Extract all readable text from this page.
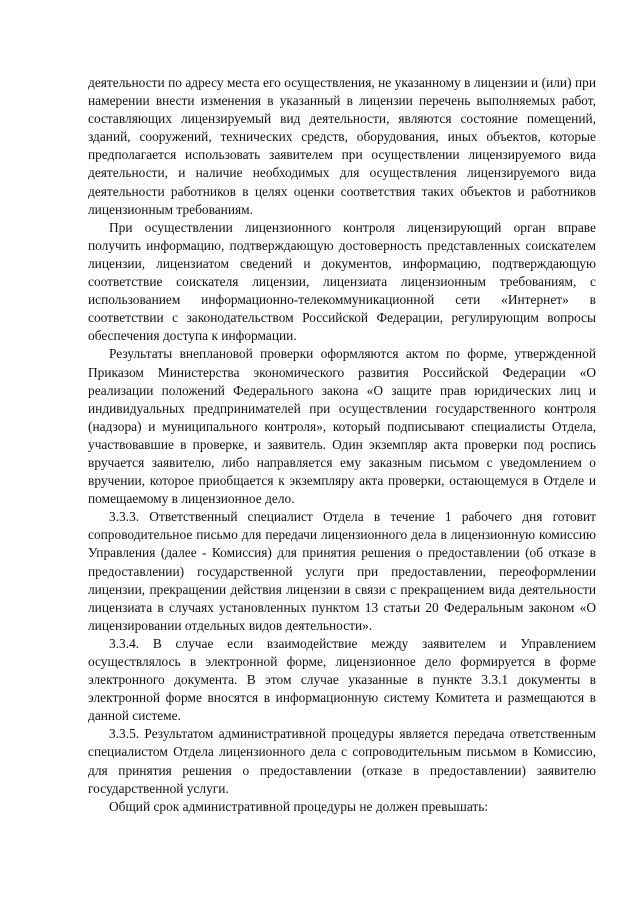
деятельности по адресу места его осуществления, не указанному в лицензии и (или) при намерении внести изменения в указанный в лицензии перечень выполняемых работ, составляющих лицензируемый вид деятельности, являются состояние помещений, зданий, сооружений, технических средств, оборудования, иных объектов, которые предполагается использовать заявителем при осуществлении лицензируемого вида деятельности, и наличие необходимых для осуществления лицензируемого вида деятельности работников в целях оценки соответствия таких объектов и работников лицензионным требованиям.

При осуществлении лицензионного контроля лицензирующий орган вправе получить информацию, подтверждающую достоверность представленных соискателем лицензии, лицензиатом сведений и документов, информацию, подтверждающую соответствие соискателя лицензии, лицензиата лицензионным требованиям, с использованием информационно-телекоммуникационной сети «Интернет» в соответствии с законодательством Российской Федерации, регулирующим вопросы обеспечения доступа к информации.

Результаты внеплановой проверки оформляются актом по форме, утвержденной Приказом Министерства экономического развития Российской Федерации «О реализации положений Федерального закона «О защите прав юридических лиц и индивидуальных предпринимателей при осуществлении государственного контроля (надзора) и муниципального контроля», который подписывают специалисты Отдела, участвовавшие в проверке, и заявитель. Один экземпляр акта проверки под роспись вручается заявителю, либо направляется ему заказным письмом с уведомлением о вручении, которое приобщается к экземпляру акта проверки, остающемуся в Отделе и помещаемому в лицензионное дело.

3.3.3. Ответственный специалист Отдела в течение 1 рабочего дня готовит сопроводительное письмо для передачи лицензионного дела в лицензионную комиссию Управления (далее - Комиссия) для принятия решения о предоставлении (об отказе в предоставлении) государственной услуги при предоставлении, переоформлении лицензии, прекращении действия лицензии в связи с прекращением вида деятельности лицензиата в случаях установленных пунктом 13 статьи 20 Федеральным законом «О лицензировании отдельных видов деятельности».

3.3.4. В случае если взаимодействие между заявителем и Управлением осуществлялось в электронной форме, лицензионное дело формируется в форме электронного документа. В этом случае указанные в пункте 3.3.1 документы в электронной форме вносятся в информационную систему Комитета и размещаются в данной системе.

3.3.5. Результатом административной процедуры является передача ответственным специалистом Отдела лицензионного дела с сопроводительным письмом в Комиссию, для принятия решения о предоставлении (отказе в предоставлении) заявителю государственной услуги.

Общий срок административной процедуры не должен превышать:
